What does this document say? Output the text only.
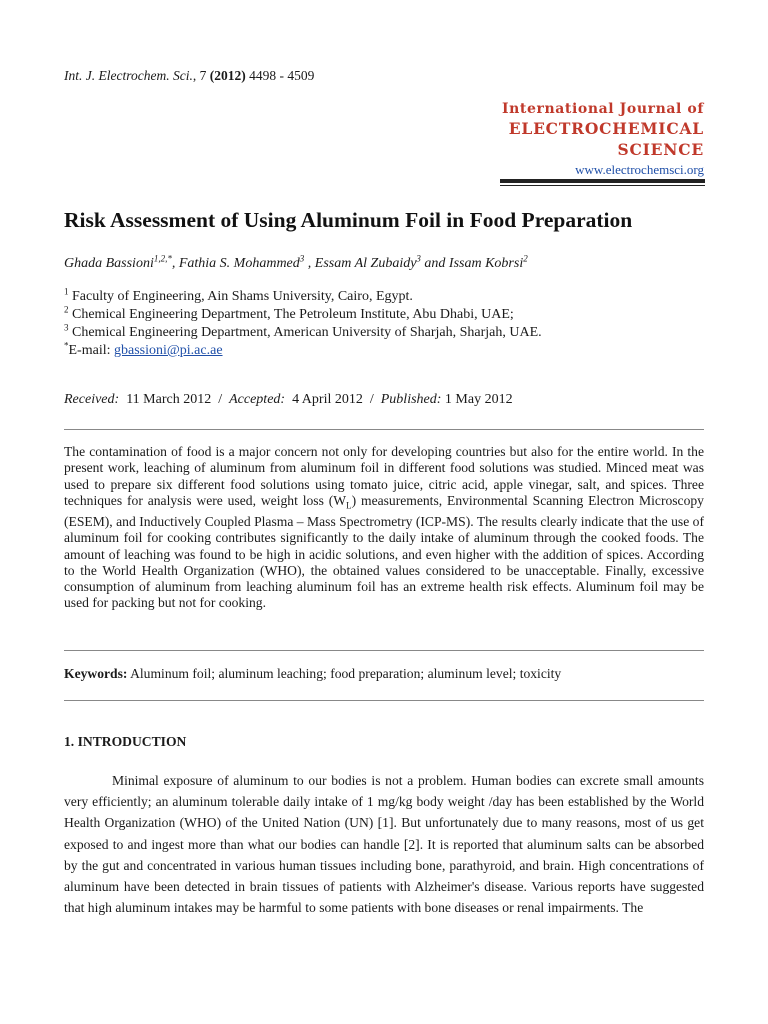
Int. J. Electrochem. Sci., 7 (2012) 4498 - 4509
International Journal of
ELECTROCHEMICAL
SCIENCE
www.electrochemsci.org
Risk Assessment of Using Aluminum Foil in Food Preparation
Ghada Bassioni$^{1,2,*}$, Fathia S. Mohammed$^3$ , Essam Al Zubaidy$^3$ and Issam Kobrsi$^2$
$^1$ Faculty of Engineering, Ain Shams University, Cairo, Egypt.
$^2$ Chemical Engineering Department, The Petroleum Institute, Abu Dhabi, UAE;
$^3$ Chemical Engineering Department, American University of Sharjah, Sharjah, UAE.
*E-mail: gbassioni@pi.ac.ae
Received:  11 March 2012  /  Accepted:  4 April 2012  /  Published: 1 May 2012
The contamination of food is a major concern not only for developing countries but also for the entire world. In the present work, leaching of aluminum from aluminum foil in different food solutions was studied. Minced meat was used to prepare six different food solutions using tomato juice, citric acid, apple vinegar, salt, and spices. Three techniques for analysis were used, weight loss $(W_L)$ measurements, Environmental Scanning Electron Microscopy (ESEM), and Inductively Coupled Plasma – Mass Spectrometry (ICP-MS). The results clearly indicate that the use of aluminum foil for cooking contributes significantly to the daily intake of aluminum through the cooked foods. The amount of leaching was found to be high in acidic solutions, and even higher with the addition of spices. According to the World Health Organization (WHO), the obtained values considered to be unacceptable. Finally, excessive consumption of aluminum from leaching aluminum foil has an extreme health risk effects. Aluminum foil may be used for packing but not for cooking.
Keywords: Aluminum foil; aluminum leaching; food preparation; aluminum level; toxicity
1. INTRODUCTION

Minimal exposure of aluminum to our bodies is not a problem. Human bodies can excrete small amounts very efficiently; an aluminum tolerable daily intake of 1 mg/kg body weight /day has been established by the World Health Organization (WHO) of the United Nation (UN) [1]. But unfortunately due to many reasons, most of us get exposed to and ingest more than what our bodies can handle [2]. It is reported that aluminum salts can be absorbed by the gut and concentrated in various human tissues including bone, parathyroid, and brain. High concentrations of aluminum have been detected in brain tissues of patients with Alzheimer's disease. Various reports have suggested that high aluminum intakes may be harmful to some patients with bone diseases or renal impairments. The
